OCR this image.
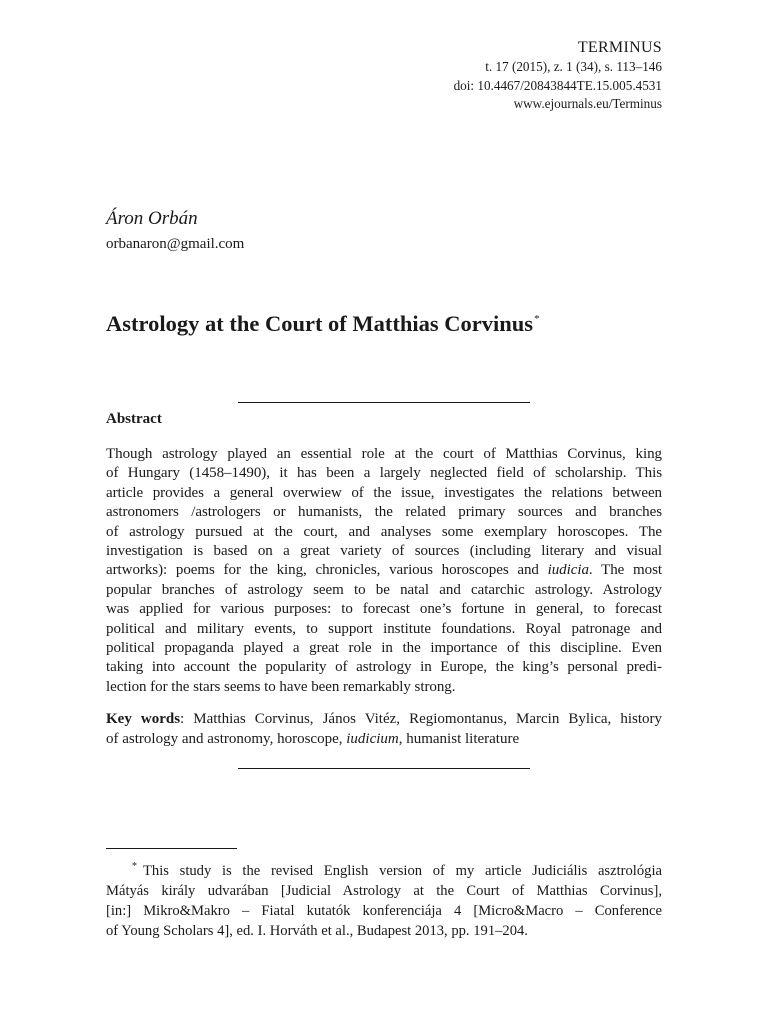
TERMINUS
t. 17 (2015), z. 1 (34), s. 113–146
doi: 10.4467/20843844TE.15.005.4531
www.ejournals.eu/Terminus
Áron Orbán
orbanaron@gmail.com
Astrology at the Court of Matthias Corvinus*
Abstract
Though astrology played an essential role at the court of Matthias Corvinus, king
of Hungary (1458–1490), it has been a largely neglected field of scholarship. This
article provides a general overwiew of the issue, investigates the relations between
astronomers /astrologers or humanists, the related primary sources and branches
of astrology pursued at the court, and analyses some exemplary horoscopes. The
investigation is based on a great variety of sources (including literary and visual
artworks): poems for the king, chronicles, various horoscopes and iudicia. The most
popular branches of astrology seem to be natal and catarchic astrology. Astrology
was applied for various purposes: to forecast one’s fortune in general, to forecast
political and military events, to support institute foundations. Royal patronage and
political propaganda played a great role in the importance of this discipline. Even
taking into account the popularity of astrology in Europe, the king’s personal predi-
lection for the stars seems to have been remarkably strong.
Key words: Matthias Corvinus, János Vitéz, Regiomontanus, Marcin Bylica, history
of astrology and astronomy, horoscope, iudicium, humanist literature
* This study is the revised English version of my article Judiciális asztrológia
Mátyás király udvarában [Judicial Astrology at the Court of Matthias Corvinus],
[in:] Mikro&Makro – Fiatal kutatók konferenciája 4 [Micro&Macro – Conference
of Young Scholars 4], ed. I. Horváth et al., Budapest 2013, pp. 191–204.
